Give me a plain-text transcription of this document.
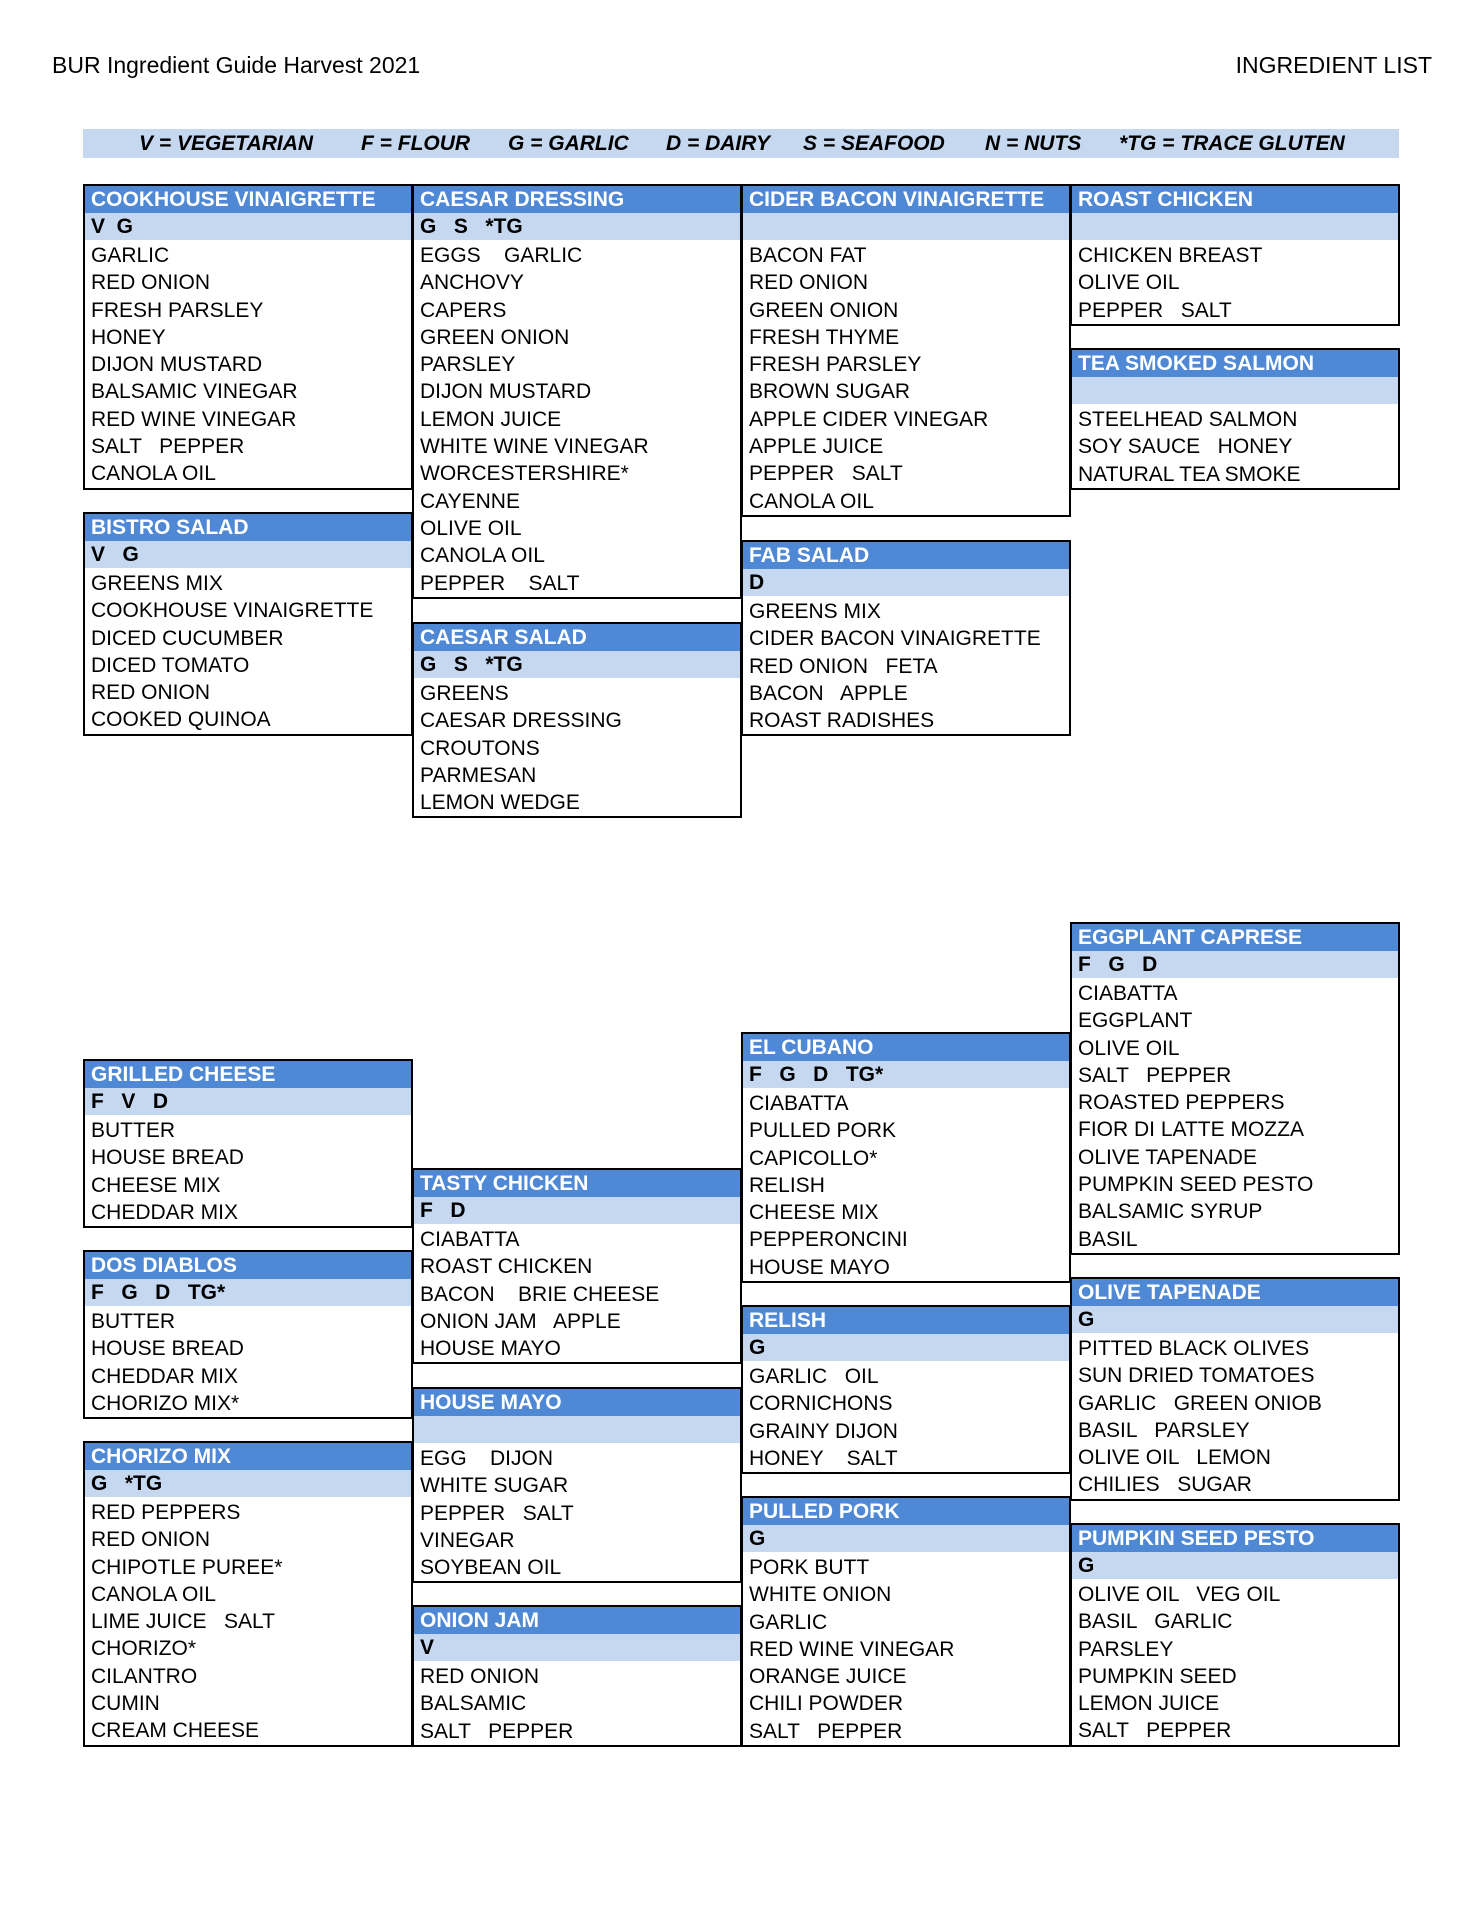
BUR Ingredient Guide Harvest 2021	INGREDIENT LIST
V = VEGETARIAN F = FLOUR G = GARLIC D = DAIRY S = SEAFOOD N = NUTS *TG = TRACE GLUTEN
COOKHOUSE VINAIGRETTE
V  G
GARLIC
RED ONION
FRESH PARSLEY
HONEY
DIJON MUSTARD
BALSAMIC VINEGAR
RED WINE VINEGAR
SALT   PEPPER
CANOLA OIL
BISTRO SALAD
V   G
GREENS MIX
COOKHOUSE VINAIGRETTE
DICED CUCUMBER
DICED TOMATO
RED ONION
COOKED QUINOA
CAESAR DRESSING
G   S   *TG
EGGS    GARLIC
ANCHOVY
CAPERS
GREEN ONION
PARSLEY
DIJON MUSTARD
LEMON JUICE
WHITE WINE VINEGAR
WORCESTERSHIRE*
CAYENNE
OLIVE OIL
CANOLA OIL
PEPPER    SALT
CAESAR SALAD
G   S   *TG
GREENS
CAESAR DRESSING
CROUTONS
PARMESAN
LEMON WEDGE
CIDER BACON VINAIGRETTE
BACON FAT
RED ONION
GREEN ONION
FRESH THYME
FRESH PARSLEY
BROWN SUGAR
APPLE CIDER VINEGAR
APPLE JUICE
PEPPER   SALT
CANOLA OIL
FAB SALAD
D
GREENS MIX
CIDER BACON VINAIGRETTE
RED ONION   FETA
BACON   APPLE
ROAST RADISHES
ROAST CHICKEN
CHICKEN BREAST
OLIVE OIL
PEPPER   SALT
TEA SMOKED SALMON
STEELHEAD SALMON
SOY SAUCE   HONEY
NATURAL TEA SMOKE
GRILLED CHEESE
F   V   D
BUTTER
HOUSE BREAD
CHEESE MIX
CHEDDAR MIX
DOS DIABLOS
F   G   D   TG*
BUTTER
HOUSE BREAD
CHEDDAR MIX
CHORIZO MIX*
CHORIZO MIX
G   *TG
RED PEPPERS
RED ONION
CHIPOTLE PUREE*
CANOLA OIL
LIME JUICE   SALT
CHORIZO*
CILANTRO
CUMIN
CREAM CHEESE
TASTY CHICKEN
F   D
CIABATTA
ROAST CHICKEN
BACON    BRIE CHEESE
ONION JAM   APPLE
HOUSE MAYO
HOUSE MAYO
EGG    DIJON
WHITE SUGAR
PEPPER   SALT
VINEGAR
SOYBEAN OIL
ONION JAM
V
RED ONION
BALSAMIC
SALT   PEPPER
EL CUBANO
F   G   D   TG*
CIABATTA
PULLED PORK
CAPICOLLO*
RELISH
CHEESE MIX
PEPPERONCINI
HOUSE MAYO
RELISH
G
GARLIC   OIL
CORNICHONS
GRAINY DIJON
HONEY    SALT
PULLED PORK
G
PORK BUTT
WHITE ONION
GARLIC
RED WINE VINEGAR
ORANGE JUICE
CHILI POWDER
SALT   PEPPER
EGGPLANT CAPRESE
F   G   D
CIABATTA
EGGPLANT
OLIVE OIL
SALT   PEPPER
ROASTED PEPPERS
FIOR DI LATTE MOZZA
OLIVE TAPENADE
PUMPKIN SEED PESTO
BALSAMIC SYRUP
BASIL
OLIVE TAPENADE
G
PITTED BLACK OLIVES
SUN DRIED TOMATOES
GARLIC   GREEN ONIOB
BASIL   PARSLEY
OLIVE OIL   LEMON
CHILIES   SUGAR
PUMPKIN SEED PESTO
G
OLIVE OIL   VEG OIL
BASIL   GARLIC
PARSLEY
PUMPKIN SEED
LEMON JUICE
SALT   PEPPER
